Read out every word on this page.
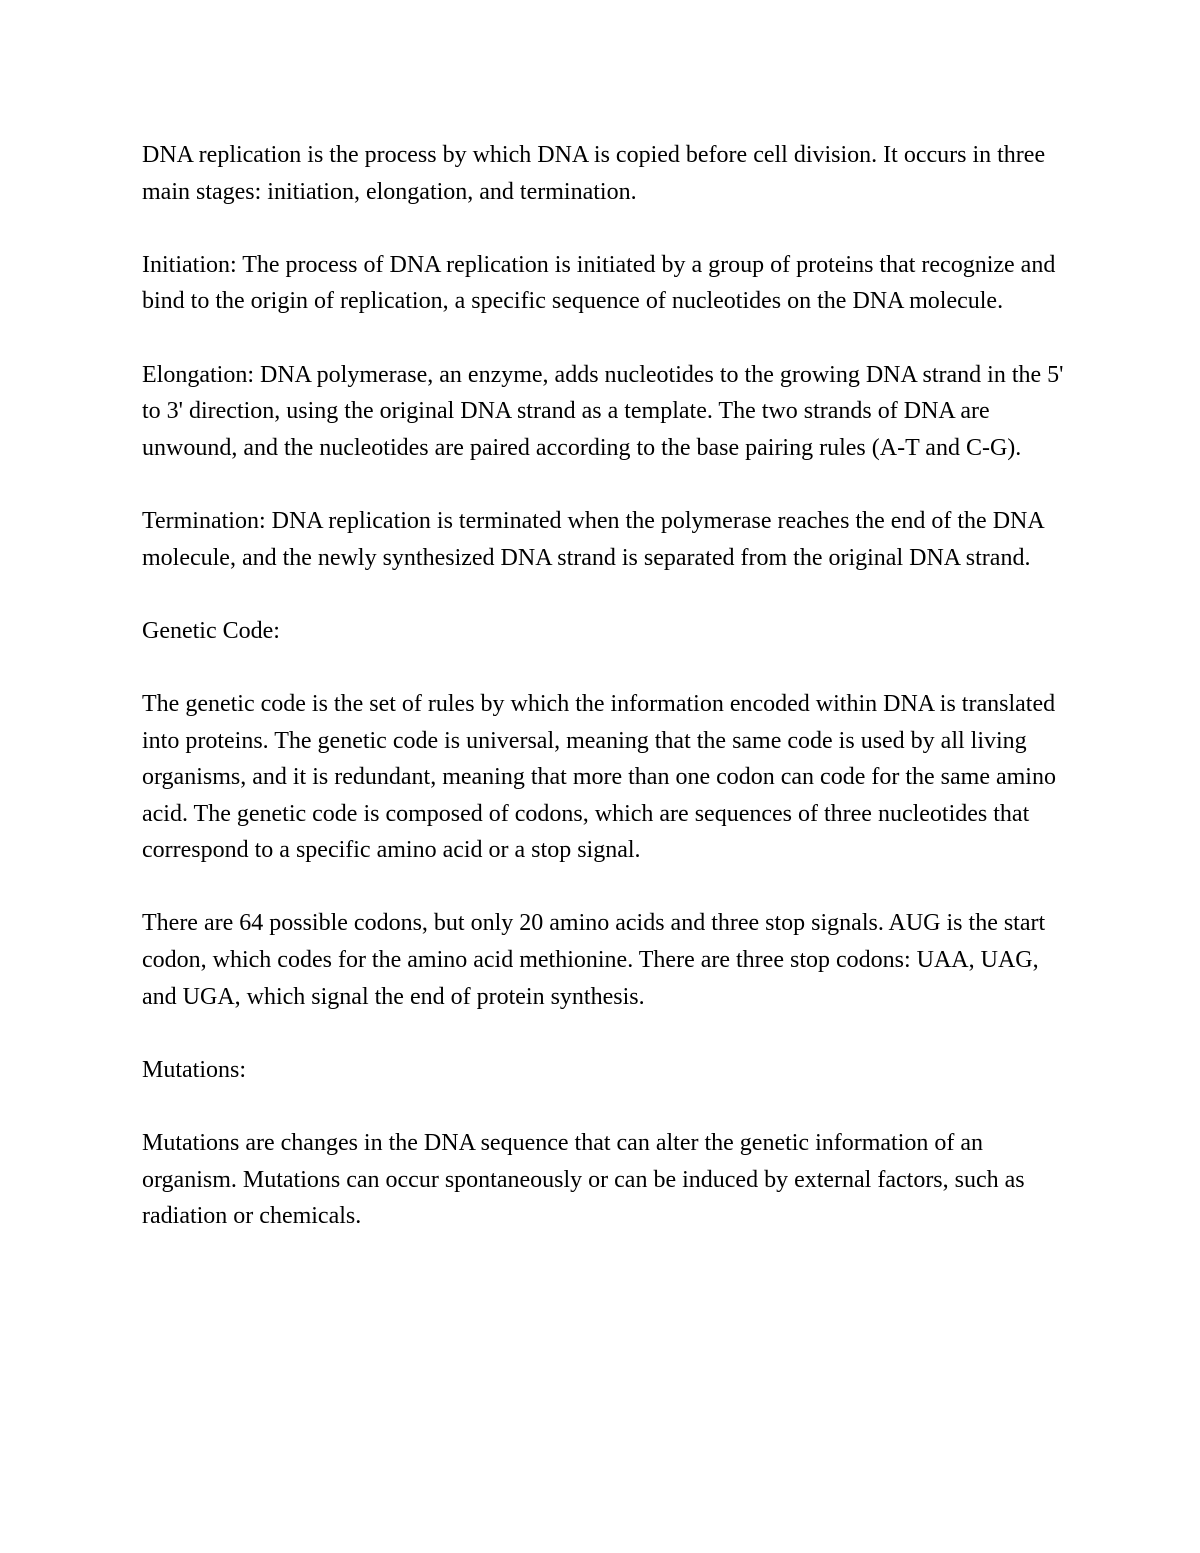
DNA replication is the process by which DNA is copied before cell division. It occurs in three main stages: initiation, elongation, and termination.

Initiation: The process of DNA replication is initiated by a group of proteins that recognize and bind to the origin of replication, a specific sequence of nucleotides on the DNA molecule.

Elongation: DNA polymerase, an enzyme, adds nucleotides to the growing DNA strand in the 5' to 3' direction, using the original DNA strand as a template. The two strands of DNA are unwound, and the nucleotides are paired according to the base pairing rules (A-T and C-G).

Termination: DNA replication is terminated when the polymerase reaches the end of the DNA molecule, and the newly synthesized DNA strand is separated from the original DNA strand.

Genetic Code:

The genetic code is the set of rules by which the information encoded within DNA is translated into proteins. The genetic code is universal, meaning that the same code is used by all living organisms, and it is redundant, meaning that more than one codon can code for the same amino acid. The genetic code is composed of codons, which are sequences of three nucleotides that correspond to a specific amino acid or a stop signal.

There are 64 possible codons, but only 20 amino acids and three stop signals. AUG is the start codon, which codes for the amino acid methionine. There are three stop codons: UAA, UAG, and UGA, which signal the end of protein synthesis.

Mutations:

Mutations are changes in the DNA sequence that can alter the genetic information of an organism. Mutations can occur spontaneously or can be induced by external factors, such as radiation or chemicals.
